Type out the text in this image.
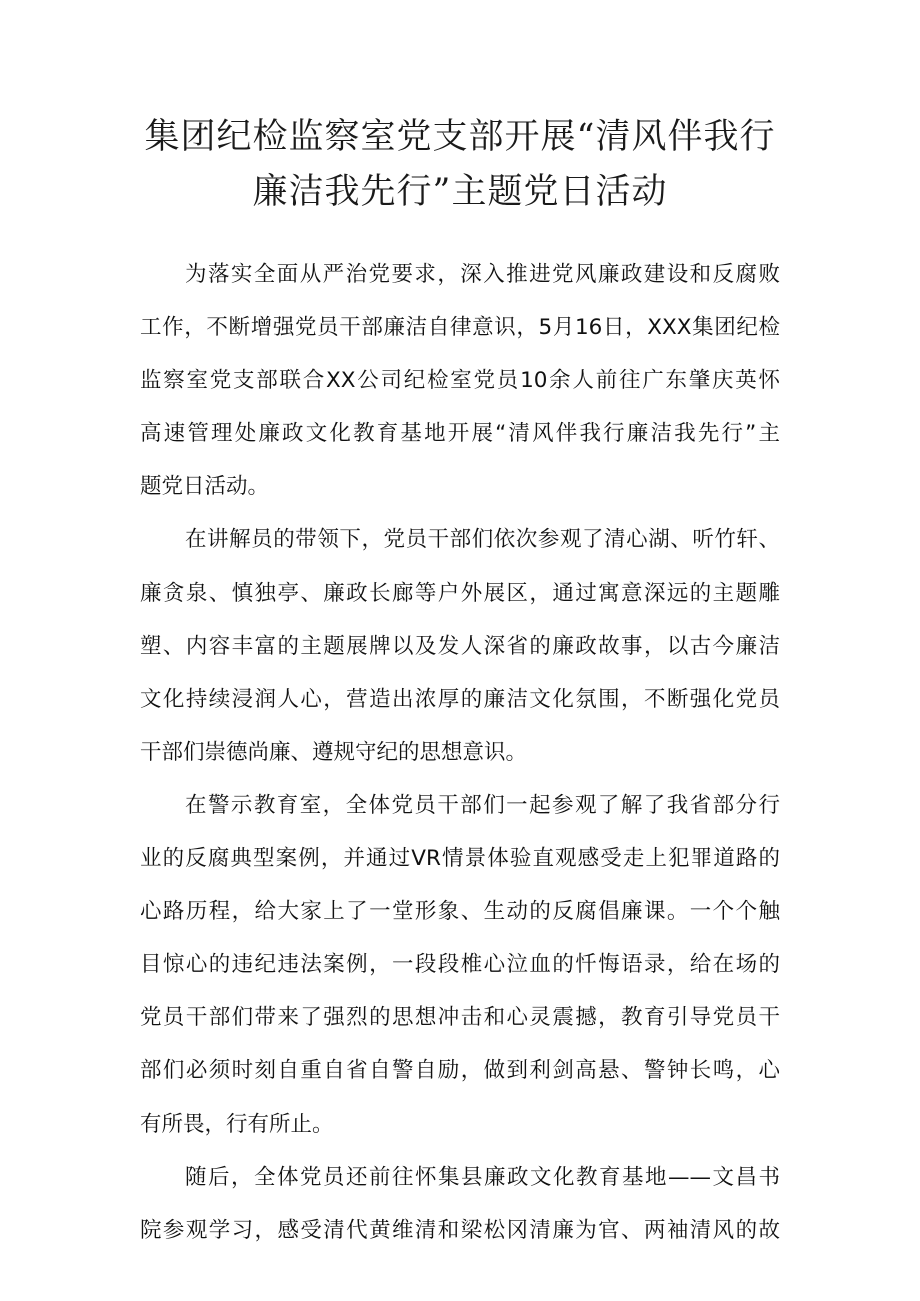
集团纪检监察室党支部开展“清风伴我行
廉洁我先行”主题党日活动
为落实全面从严治党要求，深入推进党风廉政建设和反腐败
工作，不断增强党员干部廉洁自律意识，5月16日，XXX集团纪检
监察室党支部联合XX公司纪检室党员10余人前往广东肇庆英怀
高速管理处廉政文化教育基地开展“清风伴我行廉洁我先行”主
题党日活动。
在讲解员的带领下，党员干部们依次参观了清心湖、听竹轩、
廉贪泉、慎独亭、廉政长廊等户外展区，通过寓意深远的主题雕
塑、内容丰富的主题展牌以及发人深省的廉政故事，以古今廉洁
文化持续浸润人心，营造出浓厚的廉洁文化氛围，不断强化党员
干部们崇德尚廉、遵规守纪的思想意识。
在警示教育室，全体党员干部们一起参观了解了我省部分行
业的反腐典型案例，并通过VR情景体验直观感受走上犯罪道路的
心路历程，给大家上了一堂形象、生动的反腐倡廉课。一个个触
目惊心的违纪违法案例，一段段椎心泣血的忏悔语录，给在场的
党员干部们带来了强烈的思想冲击和心灵震撼，教育引导党员干
部们必须时刻自重自省自警自励，做到利剑高悬、警钟长鸣，心
有所畏，行有所止。
随后，全体党员还前往怀集县廉政文化教育基地——文昌书
院参观学习，感受清代黄维清和梁松冈清廉为官、两袖清风的故
